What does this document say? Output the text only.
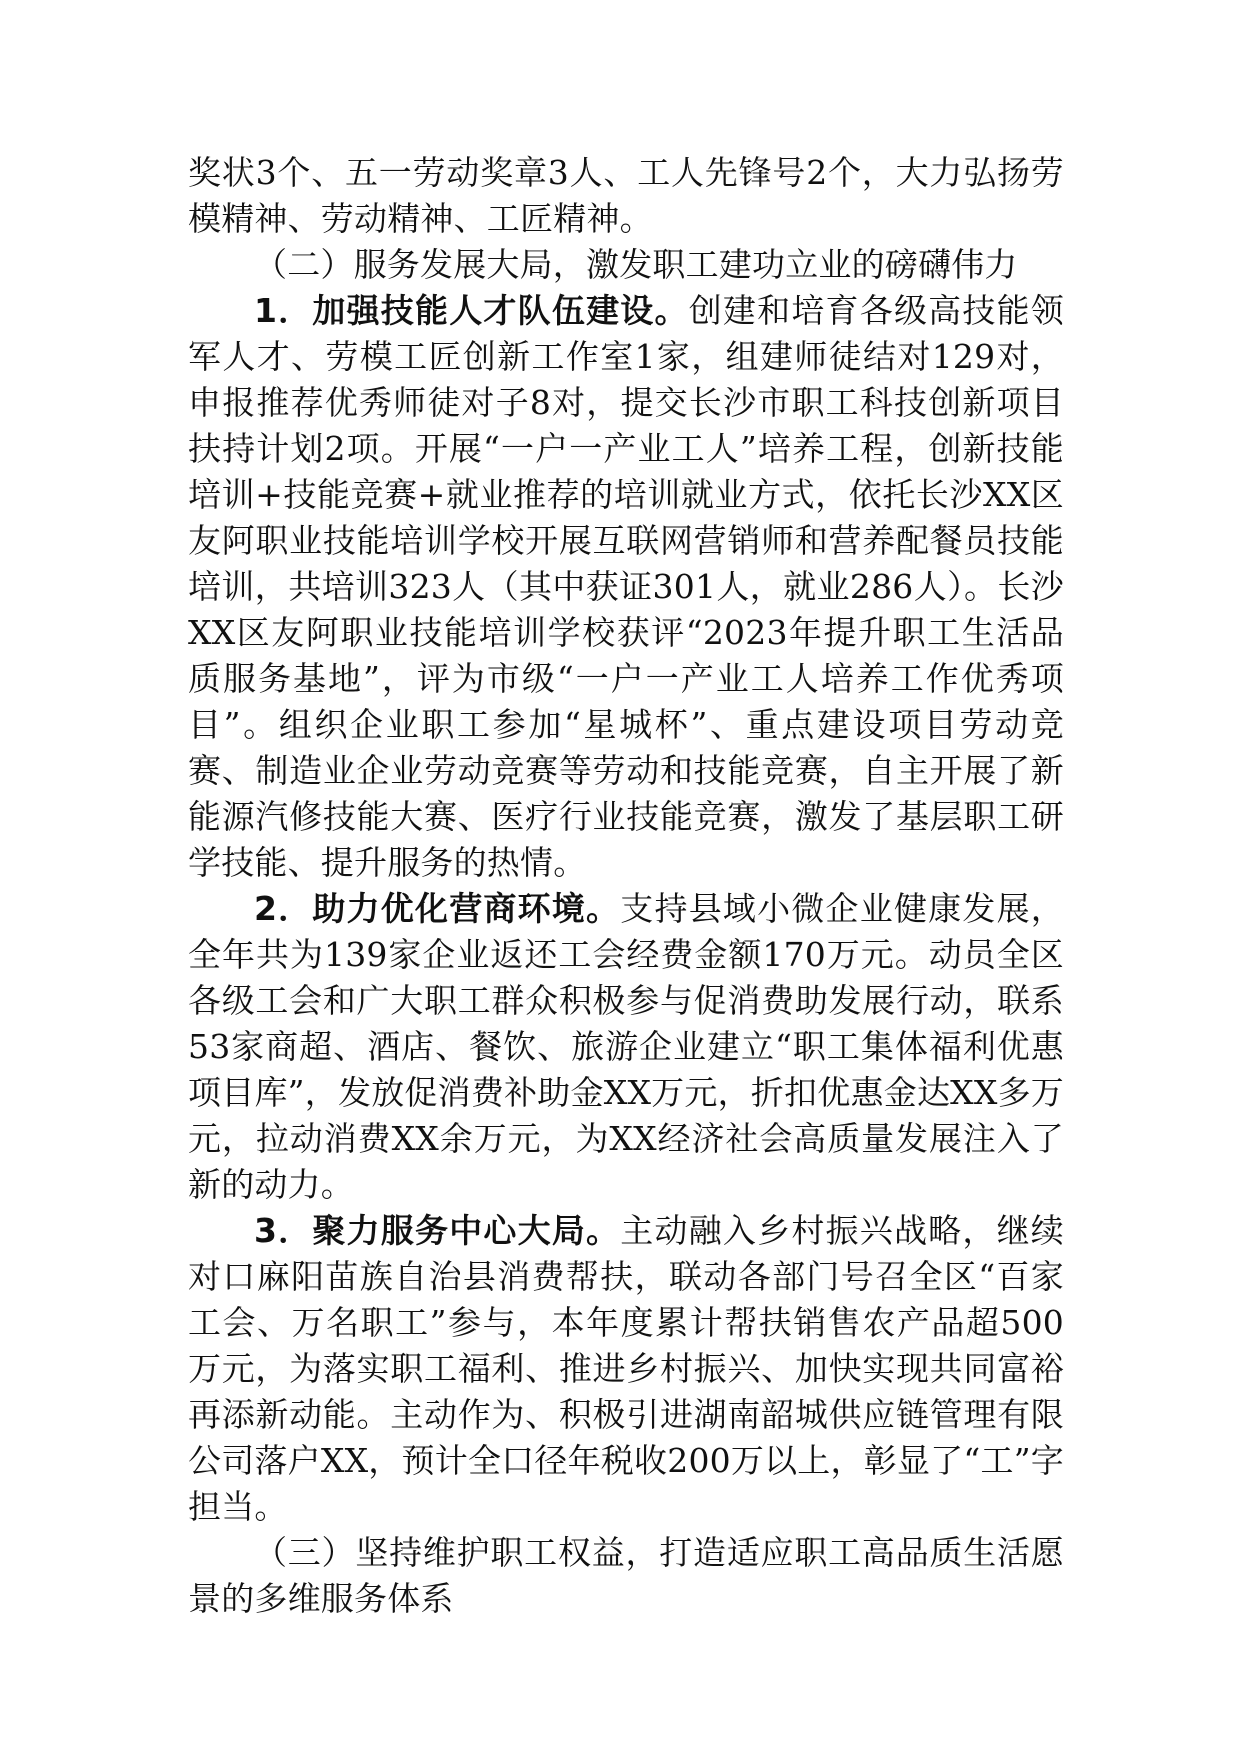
奖状3个、五一劳动奖章3人、工人先锋号2个，大力弘扬劳模精神、劳动精神、工匠精神。

（二）服务发展大局，激发职工建功立业的磅礴伟力

1．加强技能人才队伍建设。创建和培育各级高技能领军人才、劳模工匠创新工作室1家，组建师徒结对129对，申报推荐优秀师徒对子8对，提交长沙市职工科技创新项目扶持计划2项。开展“一户一产业工人”培养工程，创新技能培训+技能竞赛+就业推荐的培训就业方式，依托长沙XX区友阿职业技能培训学校开展互联网营销师和营养配餐员技能培训，共培训323人（其中获证301人，就业286人）。长沙XX区友阿职业技能培训学校获评“2023年提升职工生活品质服务基地”，评为市级“一户一产业工人培养工作优秀项目”。组织企业职工参加“星城杯”、重点建设项目劳动竞赛、制造业企业劳动竞赛等劳动和技能竞赛，自主开展了新能源汽修技能大赛、医疗行业技能竞赛，激发了基层职工研学技能、提升服务的热情。

2．助力优化营商环境。支持县域小微企业健康发展，全年共为139家企业返还工会经费金额170万元。动员全区各级工会和广大职工群众积极参与促消费助发展行动，联系53家商超、酒店、餐饮、旅游企业建立“职工集体福利优惠项目库”，发放促消费补助金XX万元，折扣优惠金达XX多万元，拉动消费XX余万元，为XX经济社会高质量发展注入了新的动力。

3．聚力服务中心大局。主动融入乡村振兴战略，继续对口麻阳苗族自治县消费帮扶，联动各部门号召全区“百家工会、万名职工”参与，本年度累计帮扶销售农产品超500万元，为落实职工福利、推进乡村振兴、加快实现共同富裕再添新动能。主动作为、积极引进湖南韶城供应链管理有限公司落户XX，预计全口径年税收200万以上，彰显了“工”字担当。

（三）坚持维护职工权益，打造适应职工高品质生活愿景的多维服务体系
